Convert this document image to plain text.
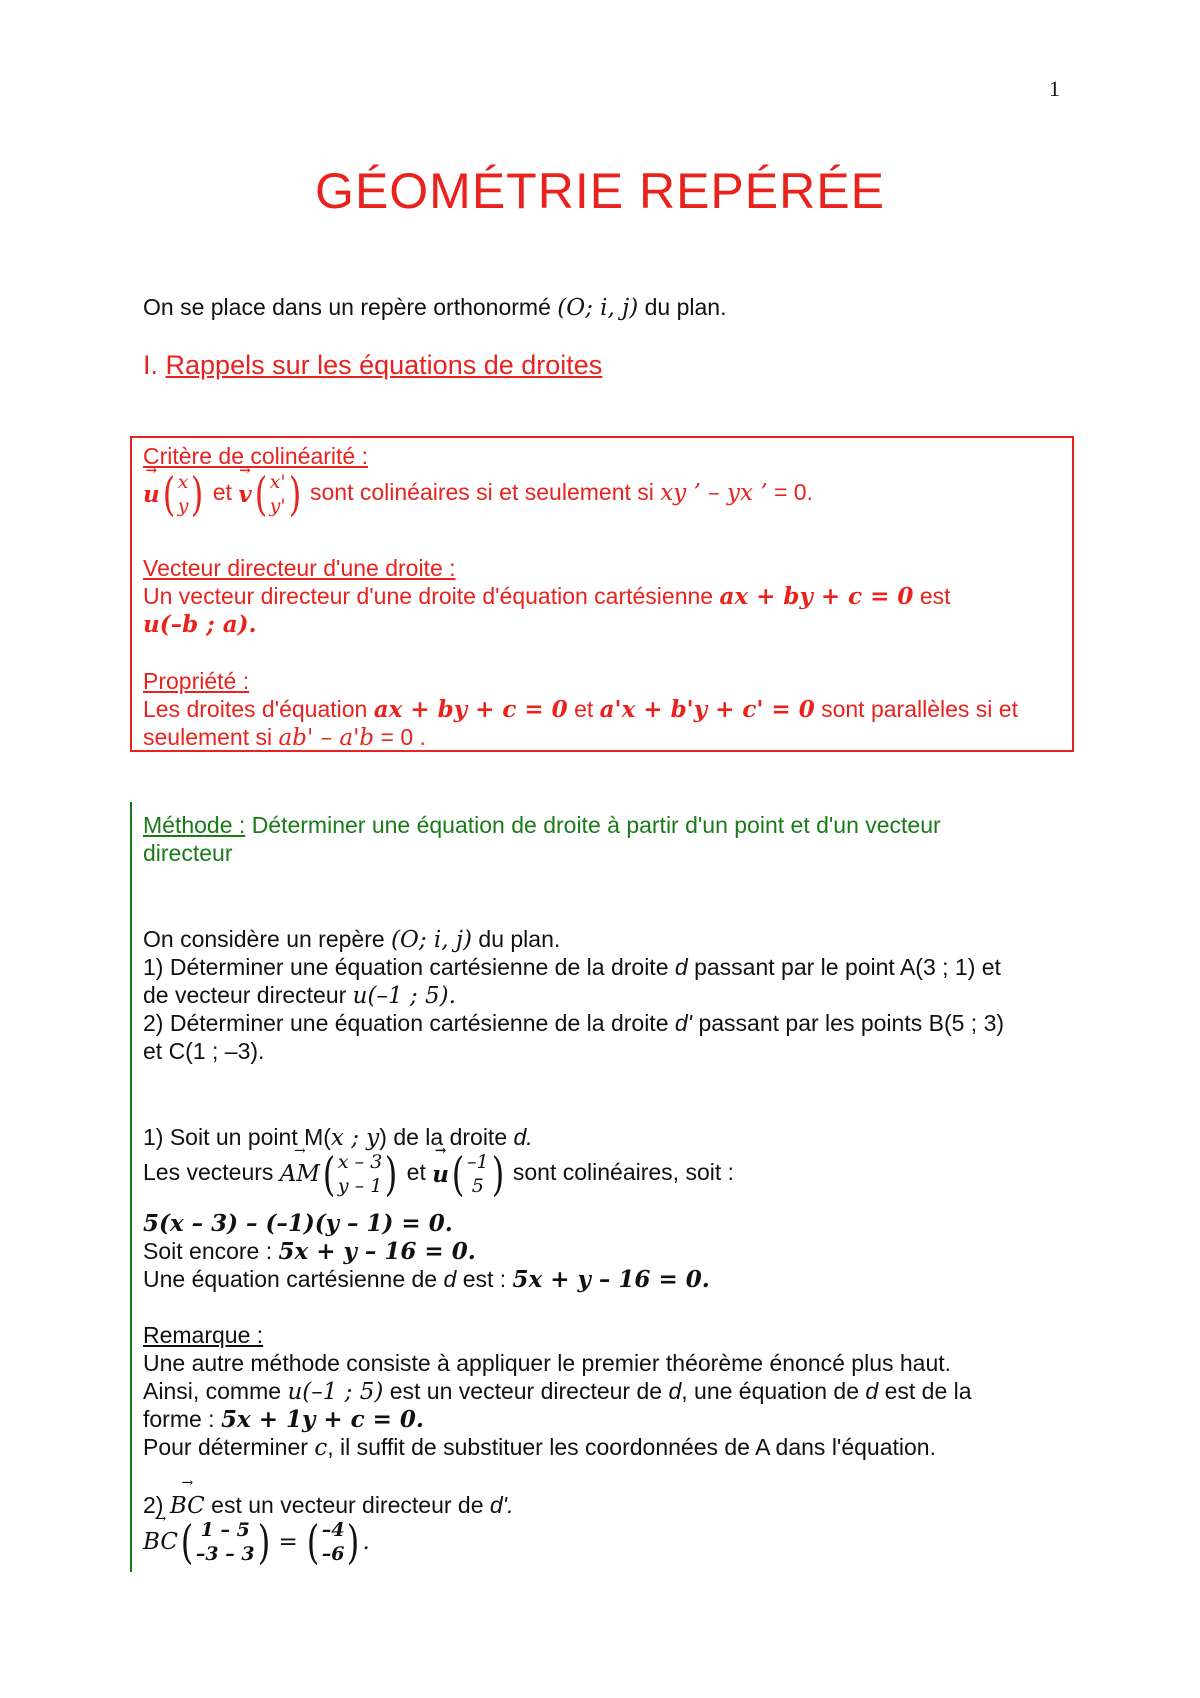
1
GÉOMÉTRIE REPÉRÉE
On se place dans un repère orthonormé (O; i, j) du plan.
I. Rappels sur les équations de droites
Critère de colinéarité :
→ u ( x
y ) et → v ( x'
y' ) sont colinéaires si et seulement si xy ’ – yx ’ = 0.
Vecteur directeur d'une droite :
Un vecteur directeur d'une droite d'équation cartésienne ax + by + c = 0 est
u(–b ; a).
Propriété :
Les droites d'équation ax + by + c = 0 et a'x + b'y + c' = 0 sont parallèles si et
seulement si ab' – a'b = 0 .
Méthode : Déterminer une équation de droite à partir d'un point et d'un vecteur
directeur
On considère un repère (O; i, j) du plan.
1) Déterminer une équation cartésienne de la droite d passant par le point A(3 ; 1) et
de vecteur directeur u(–1 ; 5).
2) Déterminer une équation cartésienne de la droite d' passant par les points B(5 ; 3)
et C(1 ; –3).
1) Soit un point M(x ; y) de la droite d.
Les vecteurs → AM ( x – 3
y – 1 ) et → u ( –1
5 ) sont colinéaires, soit :
5(x – 3) – (–1)(y – 1) = 0.
Soit encore : 5x + y – 16 = 0.
Une équation cartésienne de d est : 5x + y – 16 = 0.
Remarque :
Une autre méthode consiste à appliquer le premier théorème énoncé plus haut.
Ainsi, comme u(–1 ; 5) est un vecteur directeur de d, une équation de d est de la
forme : 5x + 1y + c = 0.
Pour déterminer c, il suffit de substituer les coordonnées de A dans l'équation.
2) → BC est un vecteur directeur de d'.
→ BC ( 1 – 5
–3 – 3 ) = ( –4
–6 ) .
